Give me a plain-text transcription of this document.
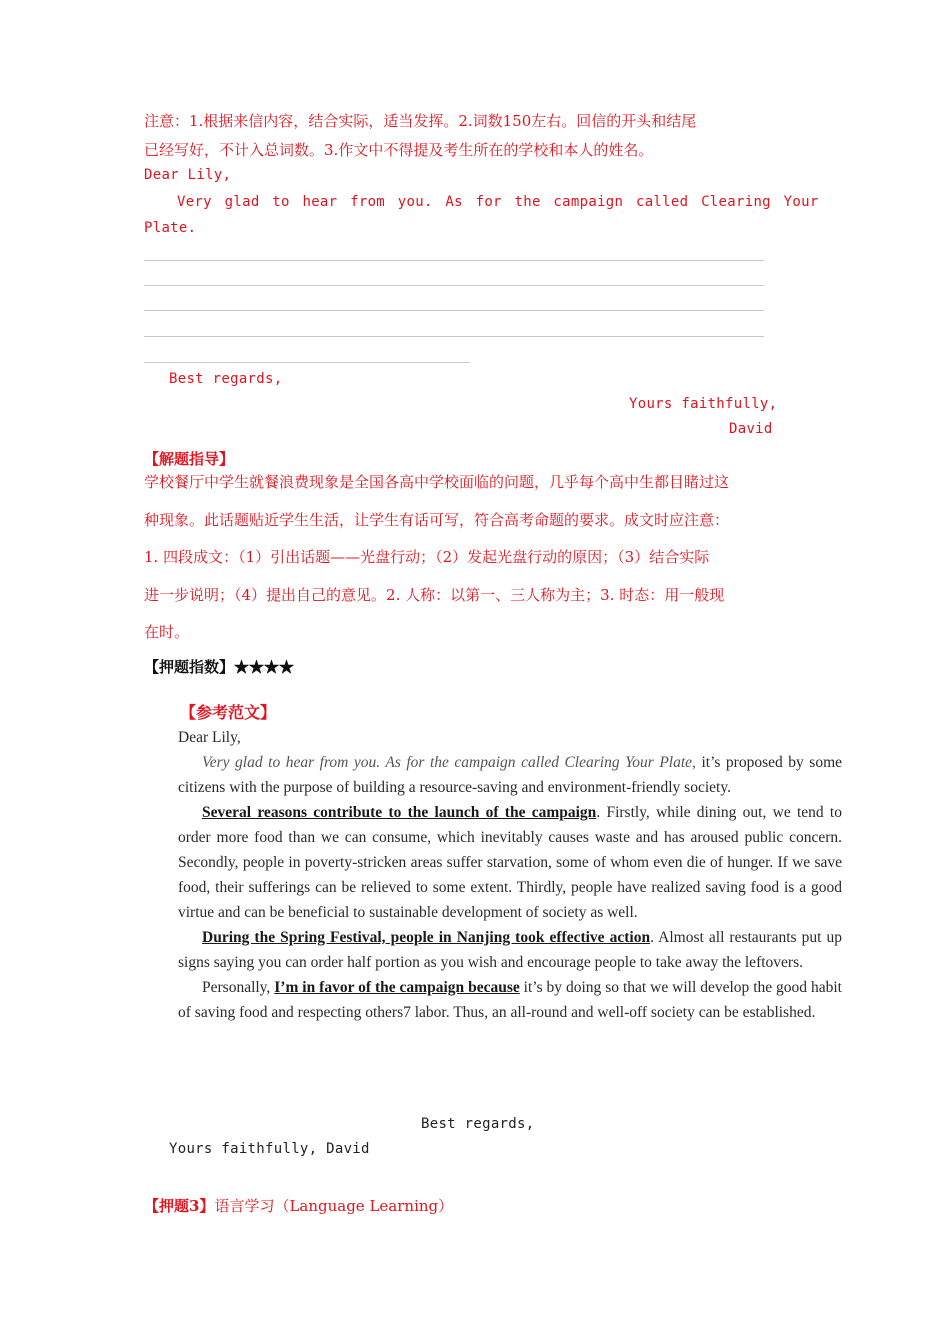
注意：1.根据来信内容，结合实际，适当发挥。2.词数150左右。回信的开头和结尾
已经写好，不计入总词数。3.作文中不得提及考生所在的学校和本人的姓名。
Dear Lily,
Very glad to hear from you. As for the campaign called Clearing Your
Plate.
Best regards,
Yours faithfully,
David
【解题指导】
学校餐厅中学生就餐浪费现象是全国各高中学校面临的问题，几乎每个高中生都目睹过这
种现象。此话题贴近学生生活，让学生有话可写，符合高考命题的要求。成文时应注意：
1. 四段成文：（1）引出话题——光盘行动；（2）发起光盘行动的原因；（3）结合实际
进一步说明；（4）提出自己的意见。2. 人称：以第一、三人称为主；3. 时态：用一般现
在时。
【押题指数】★★★★
【参考范文】

Dear Lily,

Very glad to hear from you. As for the campaign called Clearing Your Plate, it’s proposed by some citizens with the purpose of building a resource-saving and environment-friendly society.

Several reasons contribute to the launch of the campaign. Firstly, while dining out, we tend to order more food than we can consume, which inevitably causes waste and has aroused public concern. Secondly, people in poverty-stricken areas suffer starvation, some of whom even die of hunger. If we save food, their sufferings can be relieved to some extent. Thirdly, people have realized saving food is a good virtue and can be beneficial to sustainable development of society as well.

During the Spring Festival, people in Nanjing took effective action. Almost all restaurants put up signs saying you can order half portion as you wish and encourage people to take away the leftovers.

Personally, I’m in favor of the campaign because it’s by doing so that we will develop the good habit of saving food and respecting others7 labor. Thus, an all-round and well-off society can be established.

Best regards,
Yours faithfully, David
【押题3】语言学习（Language Learning）
